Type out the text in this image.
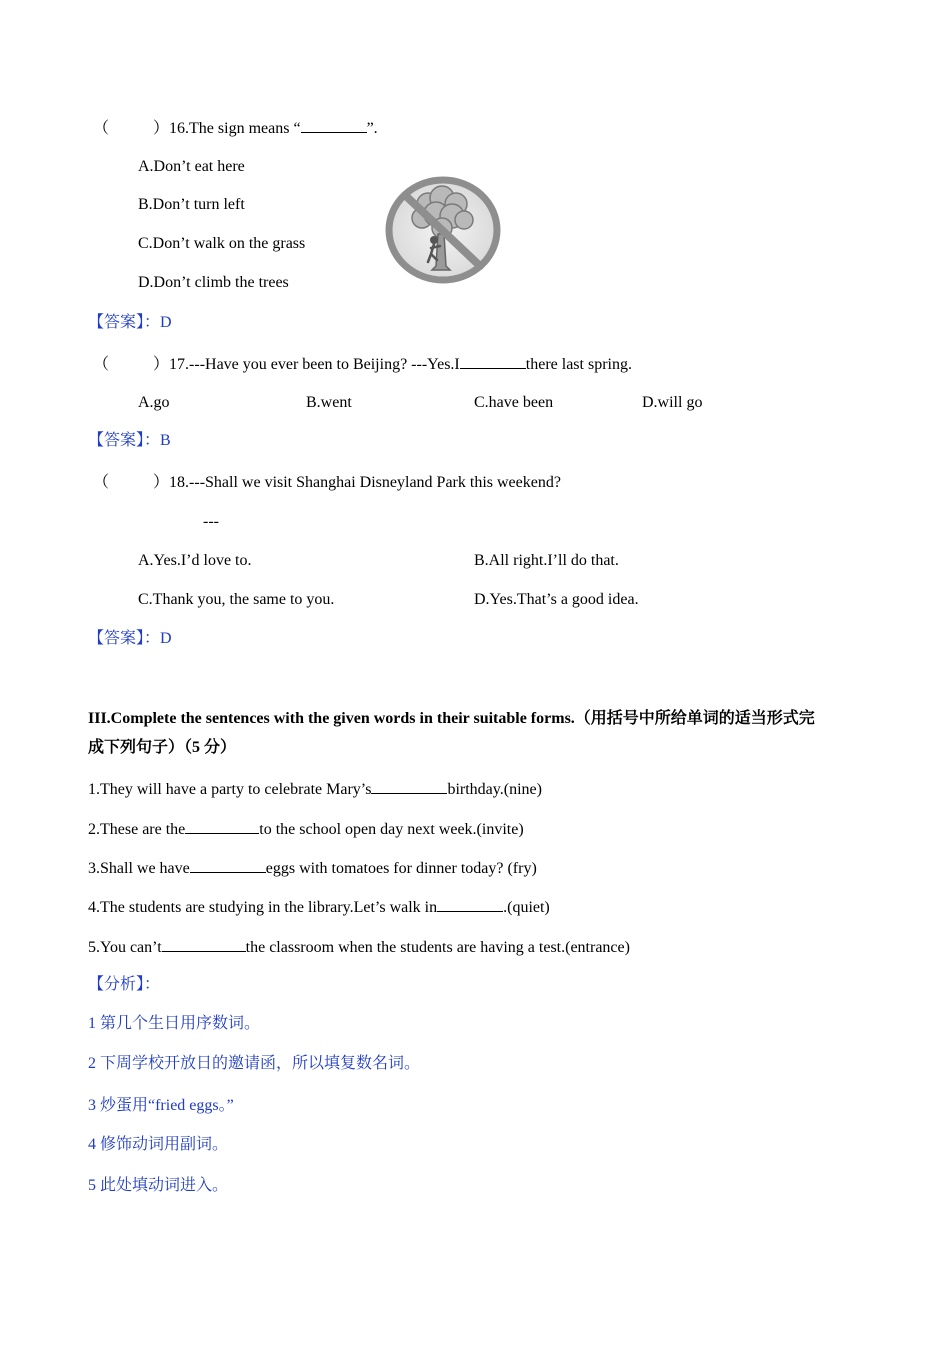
（	）16.The sign means “	”.
A.Don’t eat here
B.Don’t turn left
C.Don’t walk on the grass
D.Don’t climb the trees
【答案】：D
（	）17.---Have you ever been to Beijing? ---Yes.I	there last spring.
A.go	B.went	C.have been	D.will go
【答案】：B
（	）18.---Shall we visit Shanghai Disneyland Park this weekend?
---
A.Yes.I’d love to.	B.All right.I’ll do that.
C.Thank you, the same to you.	D.Yes.That’s a good idea.
【答案】：D
III.Complete the sentences with the given words in their suitable forms.（用括号中所给单词的适当形式完
成下列句子）（5 分）
1.They will have a party to celebrate Mary’s	birthday.(nine)
2.These are the	to the school open day next week.(invite)
3.Shall we have	eggs with tomatoes for dinner today? (fry)
4.The students are studying in the library.Let’s walk in	.(quiet)
5.You can’t	the classroom when the students are having a test.(entrance)
【分析】：
1 第几个生日用序数词。
2 下周学校开放日的邀请函，所以填复数名词。
3 炒蛋用“fried eggs。”
4 修饰动词用副词。
5 此处填动词进入。
